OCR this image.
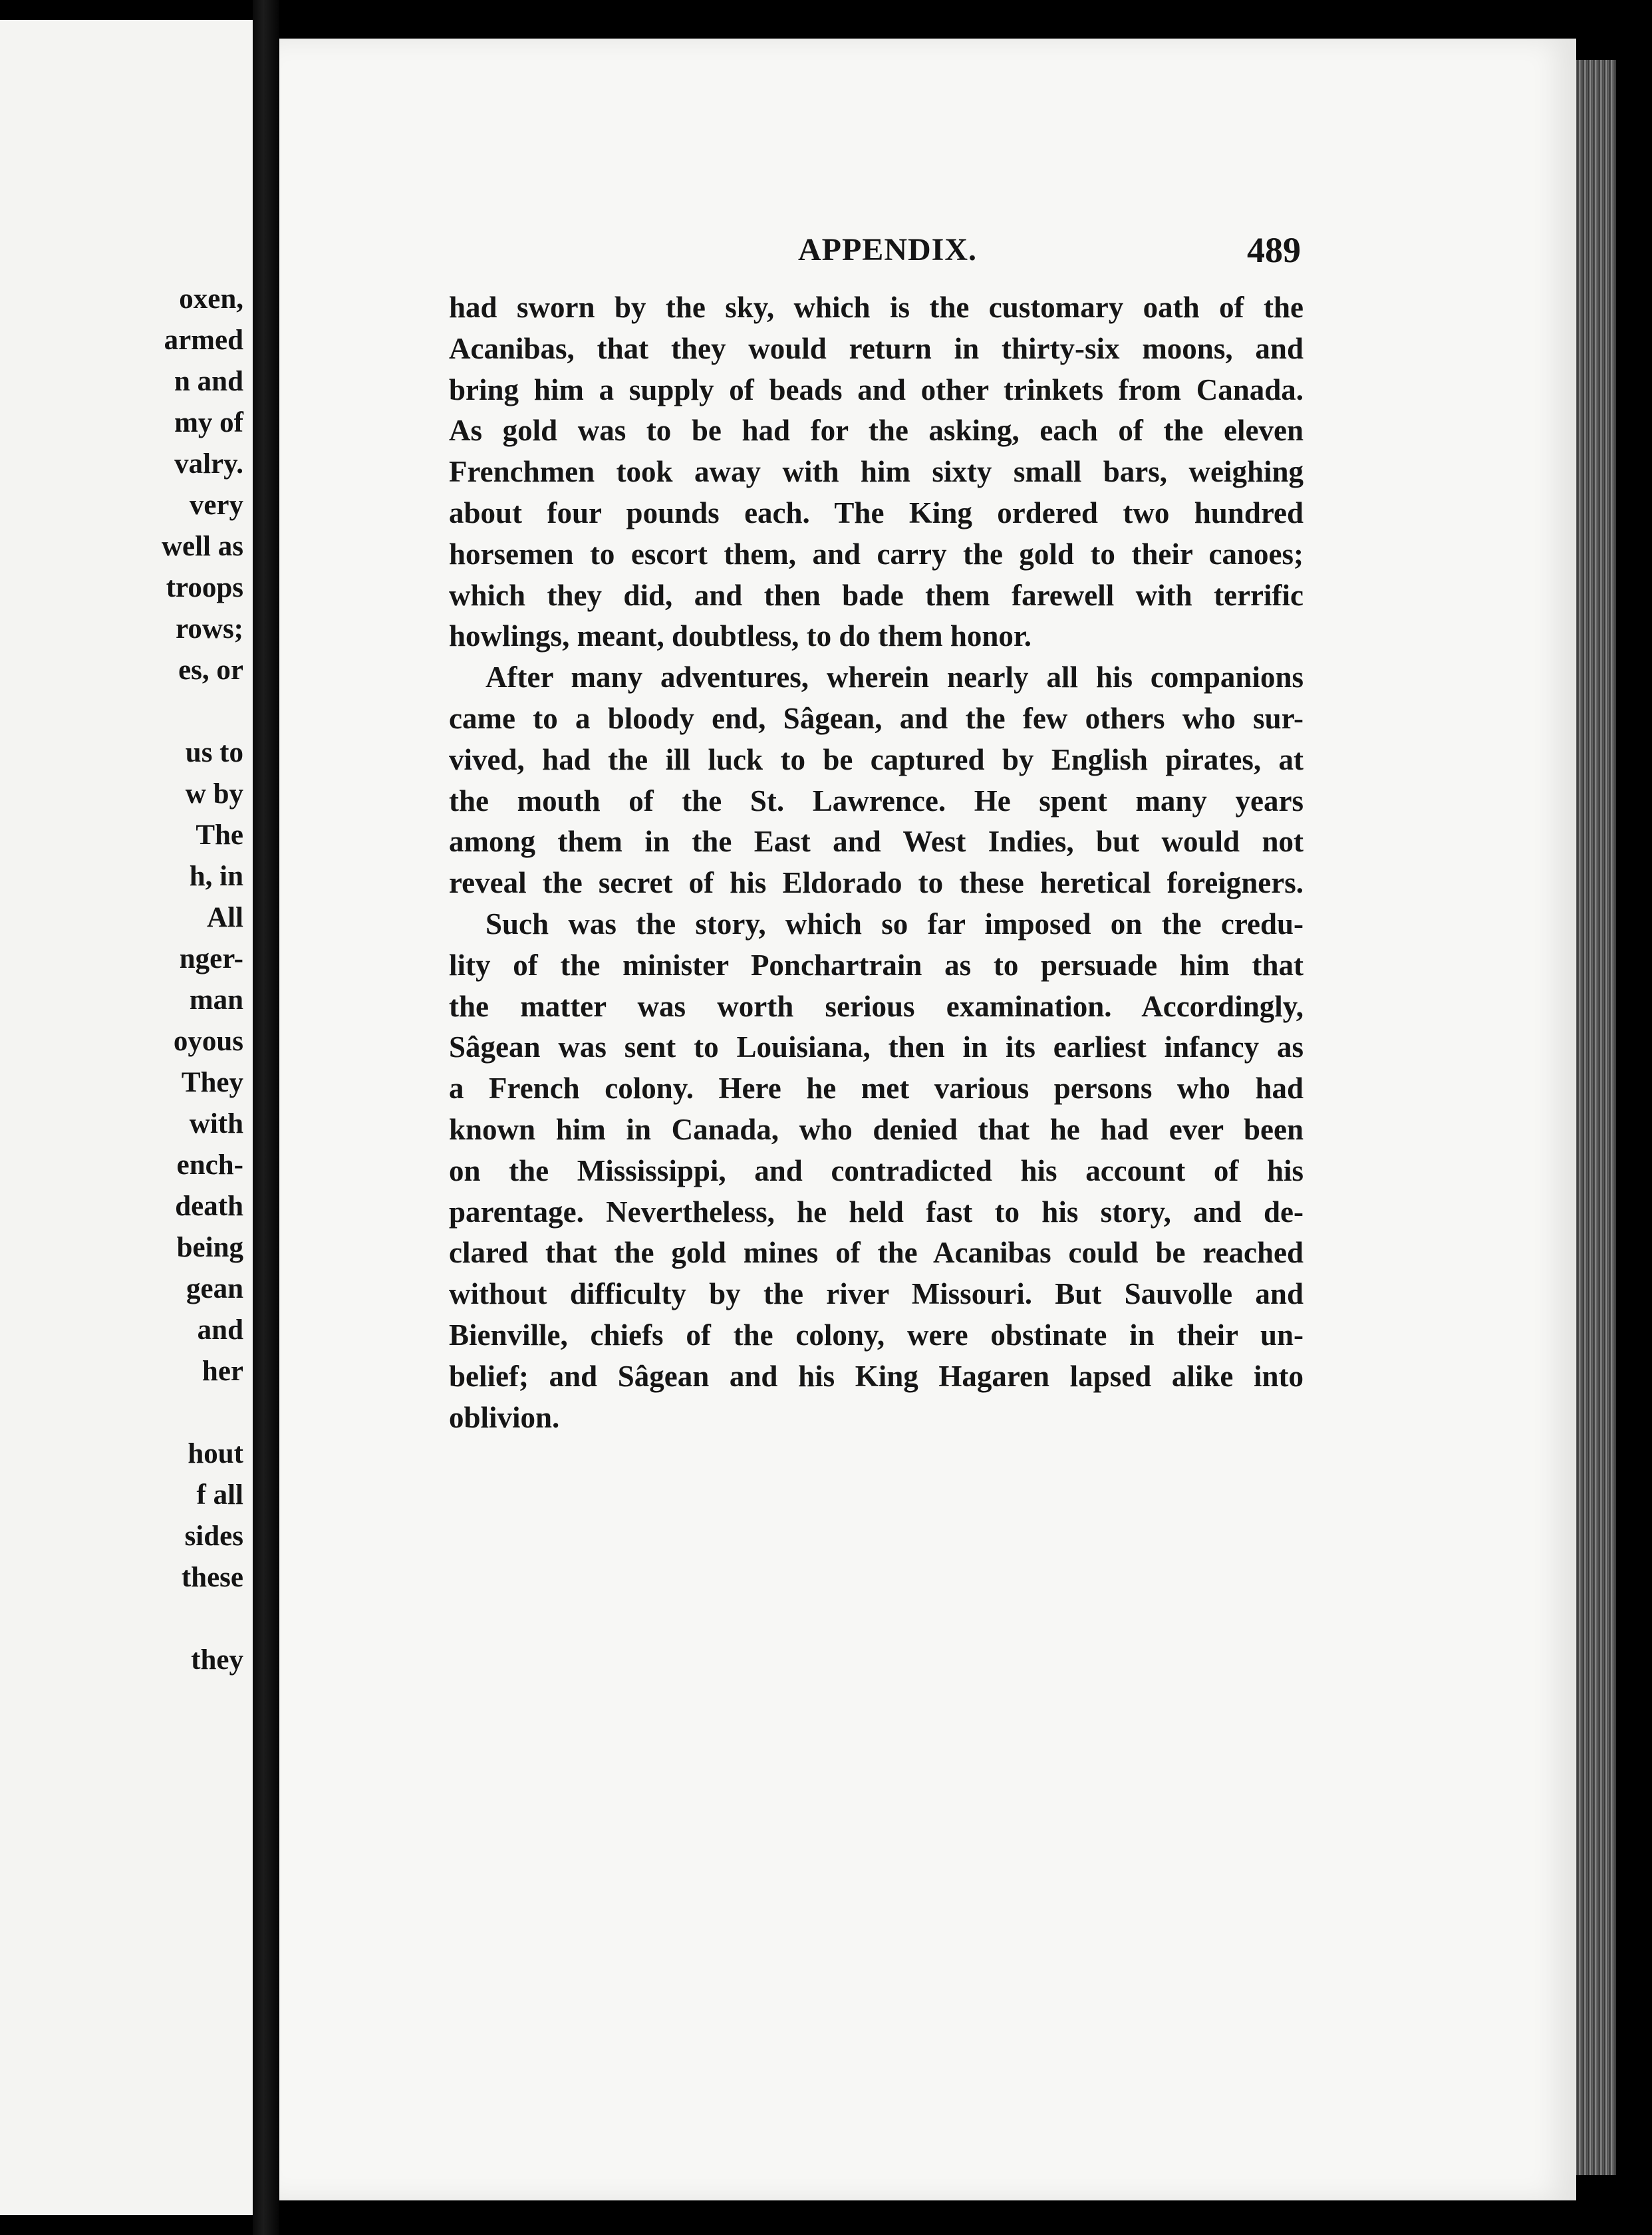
oxen,
armed
n and
my of
valry.
very
well as
troops
rows;
es, or
us to
w by
The
h, in
All
nger-
man
oyous
They
with
ench-
death
being
gean
and
her
hout
f all
sides
these
they
APPENDIX.	489
had sworn by the sky, which is the customary oath of the
Acanibas, that they would return in thirty-six moons, and
bring him a supply of beads and other trinkets from Canada.
As gold was to be had for the asking, each of the eleven
Frenchmen took away with him sixty small bars, weighing
about four pounds each. The King ordered two hundred
horsemen to escort them, and carry the gold to their canoes;
which they did, and then bade them farewell with terrific
howlings, meant, doubtless, to do them honor.
After many adventures, wherein nearly all his companions
came to a bloody end, Sâgean, and the few others who sur-
vived, had the ill luck to be captured by English pirates, at
the mouth of the St. Lawrence. He spent many years
among them in the East and West Indies, but would not
reveal the secret of his Eldorado to these heretical foreigners.
Such was the story, which so far imposed on the credu-
lity of the minister Ponchartrain as to persuade him that
the matter was worth serious examination. Accordingly,
Sâgean was sent to Louisiana, then in its earliest infancy as
a French colony. Here he met various persons who had
known him in Canada, who denied that he had ever been
on the Mississippi, and contradicted his account of his
parentage. Nevertheless, he held fast to his story, and de-
clared that the gold mines of the Acanibas could be reached
without difficulty by the river Missouri. But Sauvolle and
Bienville, chiefs of the colony, were obstinate in their un-
belief; and Sâgean and his King Hagaren lapsed alike into
oblivion.
